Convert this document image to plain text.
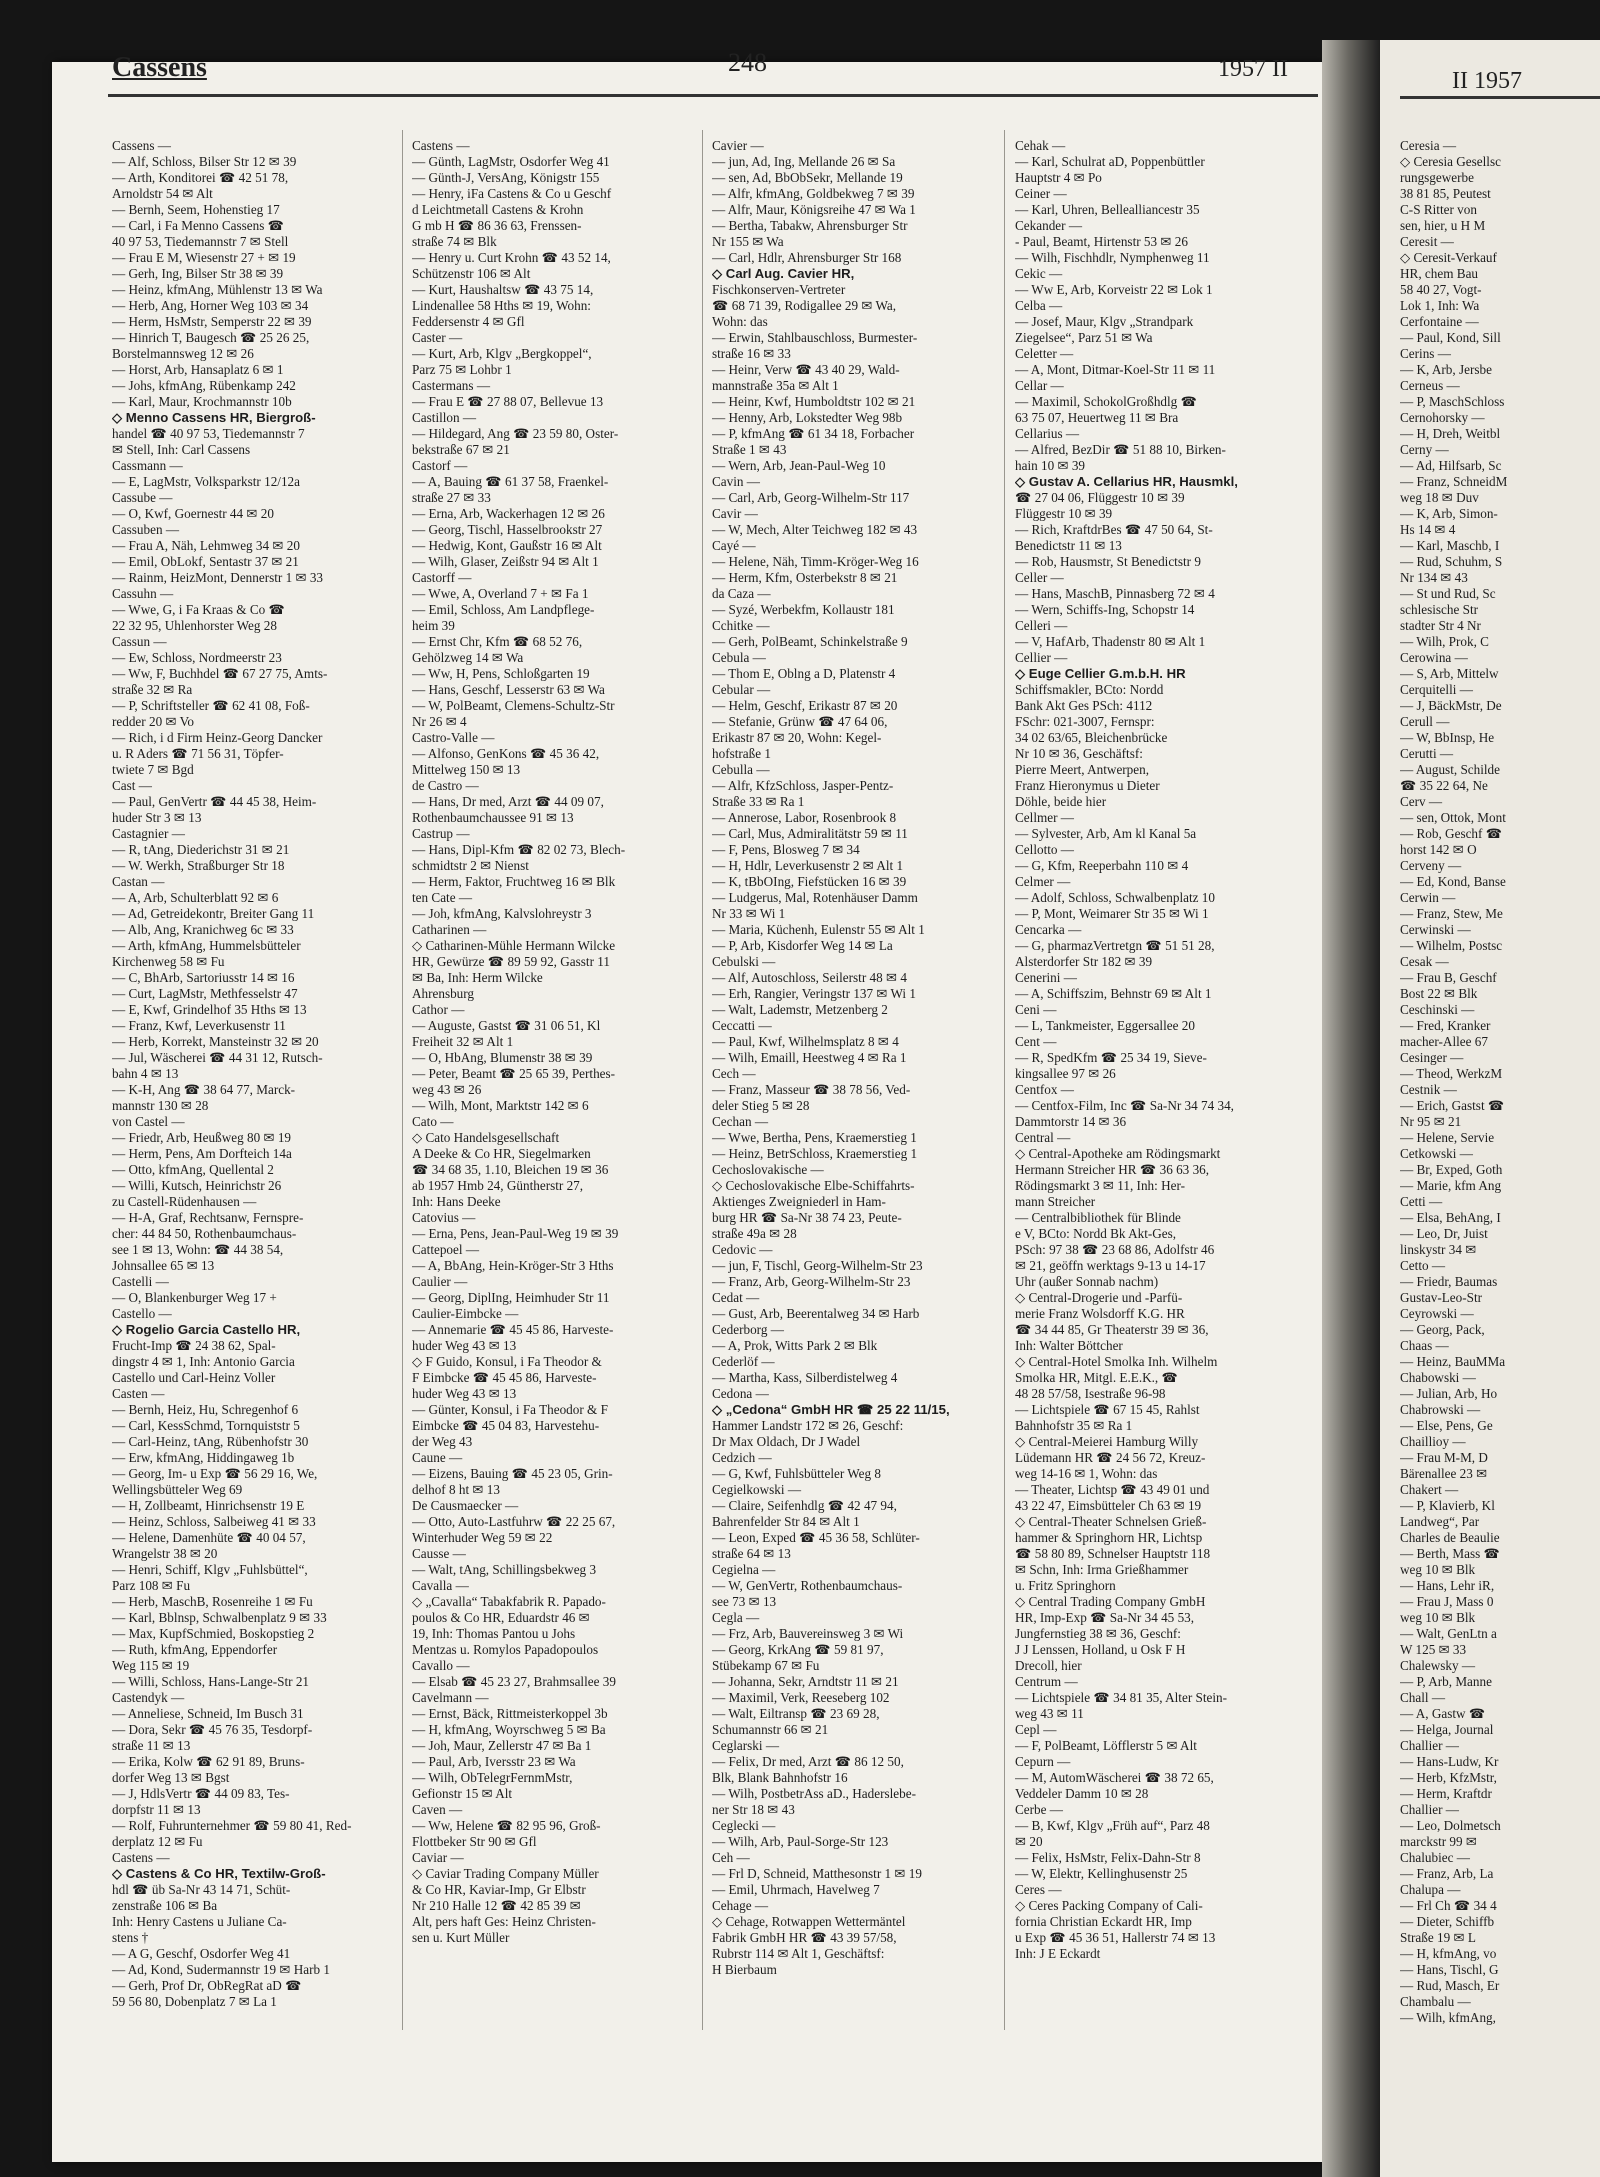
Cassens	248	1957 II	II 1957
Cassens —
— Alf, Schloss, Bilser Str 12 ✉ 39
— Arth, Konditorei ☎ 42 51 78,
Arnoldstr 54 ✉ Alt
— Bernh, Seem, Hohenstieg 17
— Carl, i Fa Menno Cassens ☎
40 97 53, Tiedemannstr 7 ✉ Stell
— Frau E M, Wiesenstr 27 + ✉ 19
— Gerh, Ing, Bilser Str 38 ✉ 39
— Heinz, kfmAng, Mühlenstr 13 ✉ Wa
— Herb, Ang, Horner Weg 103 ✉ 34
— Herm, HsMstr, Semperstr 22 ✉ 39
— Hinrich T, Baugesch ☎ 25 26 25,
Borstelmannsweg 12 ✉ 26
— Horst, Arb, Hansaplatz 6 ✉ 1
— Johs, kfmAng, Rübenkamp 242
— Karl, Maur, Krochmannstr 10b
◇ Menno Cassens HR, Biergroß-
handel ☎ 40 97 53, Tiedemannstr 7
✉ Stell, Inh: Carl Cassens
Cassmann —
— E, LagMstr, Volksparkstr 12/12a
Cassube —
— O, Kwf, Goernestr 44 ✉ 20
Cassuben —
— Frau A, Näh, Lehmweg 34 ✉ 20
— Emil, ObLokf, Sentastr 37 ✉ 21
— Rainm, HeizMont, Dennerstr 1 ✉ 33
Cassuhn —
— Wwe, G, i Fa Kraas & Co ☎
22 32 95, Uhlenhorster Weg 28
Cassun —
— Ew, Schloss, Nordmeerstr 23
— Ww, F, Buchhdel ☎ 67 27 75, Amts-
straße 32 ✉ Ra
— P, Schriftsteller ☎ 62 41 08, Foß-
redder 20 ✉ Vo
— Rich, i d Firm Heinz-Georg Dancker
u. R Aders ☎ 71 56 31, Töpfer-
twiete 7 ✉ Bgd
Cast —
— Paul, GenVertr ☎ 44 45 38, Heim-
huder Str 3 ✉ 13
Castagnier —
— R, tAng, Diederichstr 31 ✉ 21
— W. Werkh, Straßburger Str 18
Castan —
— A, Arb, Schulterblatt 92 ✉ 6
— Ad, Getreidekontr, Breiter Gang 11
— Alb, Ang, Kranichweg 6c ✉ 33
— Arth, kfmAng, Hummelsbütteler
Kirchenweg 58 ✉ Fu
— C, BhArb, Sartoriusstr 14 ✉ 16
— Curt, LagMstr, Methfesselstr 47
— E, Kwf, Grindelhof 35 Hths ✉ 13
— Franz, Kwf, Leverkusenstr 11
— Herb, Korrekt, Mansteinstr 32 ✉ 20
— Jul, Wäscherei ☎ 44 31 12, Rutsch-
bahn 4 ✉ 13
— K-H, Ang ☎ 38 64 77, Marck-
mannstr 130 ✉ 28
von Castel —
— Friedr, Arb, Heußweg 80 ✉ 19
— Herm, Pens, Am Dorfteich 14a
— Otto, kfmAng, Quellental 2
— Willi, Kutsch, Heinrichstr 26
zu Castell-Rüdenhausen —
— H-A, Graf, Rechtsanw, Fernspre-
cher: 44 84 50, Rothenbaumchaus-
see 1 ✉ 13, Wohn: ☎ 44 38 54,
Johnsallee 65 ✉ 13
Castelli —
— O, Blankenburger Weg 17 +
Castello —
◇ Rogelio Garcia Castello HR,
Frucht-Imp ☎ 24 38 62, Spal-
dingstr 4 ✉ 1, Inh: Antonio Garcia
Castello und Carl-Heinz Voller
Casten —
— Bernh, Heiz, Hu, Schregenhof 6
— Carl, KessSchmd, Tornquiststr 5
— Carl-Heinz, tAng, Rübenhofstr 30
— Erw, kfmAng, Hiddingaweg 1b
— Georg, Im- u Exp ☎ 56 29 16, We,
Wellingsbütteler Weg 69
— H, Zollbeamt, Hinrichsenstr 19 E
— Heinz, Schloss, Salbeiweg 41 ✉ 33
— Helene, Damenhüte ☎ 40 04 57,
Wrangelstr 38 ✉ 20
— Henri, Schiff, Klgv „Fuhlsbüttel“,
Parz 108 ✉ Fu
— Herb, MaschB, Rosenreihe 1 ✉ Fu
— Karl, Bblnsp, Schwalbenplatz 9 ✉ 33
— Max, KupfSchmied, Boskopstieg 2
— Ruth, kfmAng, Eppendorfer
Weg 115 ✉ 19
— Willi, Schloss, Hans-Lange-Str 21
Castendyk —
— Anneliese, Schneid, Im Busch 31
— Dora, Sekr ☎ 45 76 35, Tesdorpf-
straße 11 ✉ 13
— Erika, Kolw ☎ 62 91 89, Bruns-
dorfer Weg 13 ✉ Bgst
— J, HdlsVertr ☎ 44 09 83, Tes-
dorpfstr 11 ✉ 13
— Rolf, Fuhrunternehmer ☎ 59 80 41, Red-
derplatz 12 ✉ Fu
Castens —
◇ Castens & Co HR, Textilw-Groß-
hdl ☎ üb Sa-Nr 43 14 71, Schüt-
zenstraße 106 ✉ Ba
Inh: Henry Castens u Juliane Ca-
stens †
— A G, Geschf, Osdorfer Weg 41
— Ad, Kond, Sudermannstr 19 ✉ Harb 1
— Gerh, Prof Dr, ObRegRat aD ☎
59 56 80, Dobenplatz 7 ✉ La 1
Castens —
— Günth, LagMstr, Osdorfer Weg 41
— Günth-J, VersAng, Königstr 155
— Henry, iFa Castens & Co u Geschf
d Leichtmetall Castens & Krohn
G mb H ☎ 86 36 63, Frenssen-
straße 74 ✉ Blk
— Henry u. Curt Krohn ☎ 43 52 14,
Schützenstr 106 ✉ Alt
— Kurt, Haushaltsw ☎ 43 75 14,
Lindenallee 58 Hths ✉ 19, Wohn:
Feddersenstr 4 ✉ Gfl
Caster —
— Kurt, Arb, Klgv „Bergkoppel“,
Parz 75 ✉ Lohbr 1
Castermans —
— Frau E ☎ 27 88 07, Bellevue 13
Castillon —
— Hildegard, Ang ☎ 23 59 80, Oster-
bekstraße 67 ✉ 21
Castorf —
— A, Bauing ☎ 61 37 58, Fraenkel-
straße 27 ✉ 33
— Erna, Arb, Wackerhagen 12 ✉ 26
— Georg, Tischl, Hasselbrookstr 27
— Hedwig, Kont, Gaußstr 16 ✉ Alt
— Wilh, Glaser, Zeißstr 94 ✉ Alt 1
Castorff —
— Wwe, A, Overland 7 + ✉ Fa 1
— Emil, Schloss, Am Landpflege-
heim 39
— Ernst Chr, Kfm ☎ 68 52 76,
Gehölzweg 14 ✉ Wa
— Ww, H, Pens, Schloßgarten 19
— Hans, Geschf, Lesserstr 63 ✉ Wa
— W, PolBeamt, Clemens-Schultz-Str
Nr 26 ✉ 4
Castro-Valle —
— Alfonso, GenKons ☎ 45 36 42,
Mittelweg 150 ✉ 13
de Castro —
— Hans, Dr med, Arzt ☎ 44 09 07,
Rothenbaumchaussee 91 ✉ 13
Castrup —
— Hans, Dipl-Kfm ☎ 82 02 73, Blech-
schmidtstr 2 ✉ Nienst
— Herm, Faktor, Fruchtweg 16 ✉ Blk
ten Cate —
— Joh, kfmAng, Kalvslohreystr 3
Catharinen —
◇ Catharinen-Mühle Hermann Wilcke
HR, Gewürze ☎ 89 59 92, Gasstr 11
✉ Ba, Inh: Herm Wilcke
Ahrensburg
Cathor —
— Auguste, Gastst ☎ 31 06 51, Kl
Freiheit 32 ✉ Alt 1
— O, HbAng, Blumenstr 38 ✉ 39
— Peter, Beamt ☎ 25 65 39, Perthes-
weg 43 ✉ 26
— Wilh, Mont, Marktstr 142 ✉ 6
Cato —
◇ Cato Handelsgesellschaft
A Deeke & Co HR, Siegelmarken
☎ 34 68 35, 1.10, Bleichen 19 ✉ 36
ab 1957 Hmb 24, Güntherstr 27,
Inh: Hans Deeke
Catovius —
— Erna, Pens, Jean-Paul-Weg 19 ✉ 39
Cattepoel —
— A, BbAng, Hein-Kröger-Str 3 Hths
Caulier —
— Georg, DiplIng, Heimhuder Str 11
Caulier-Eimbcke —
— Annemarie ☎ 45 45 86, Harveste-
huder Weg 43 ✉ 13
◇ F Guido, Konsul, i Fa Theodor &
F Eimbcke ☎ 45 45 86, Harveste-
huder Weg 43 ✉ 13
— Günter, Konsul, i Fa Theodor & F
Eimbcke ☎ 45 04 83, Harvestehu-
der Weg 43
Caune —
— Eizens, Bauing ☎ 45 23 05, Grin-
delhof 8 ht ✉ 13
De Causmaecker —
— Otto, Auto-Lastfuhrw ☎ 22 25 67,
Winterhuder Weg 59 ✉ 22
Causse —
— Walt, tAng, Schillingsbekweg 3
Cavalla —
◇ „Cavalla“ Tabakfabrik R. Papado-
poulos & Co HR, Eduardstr 46 ✉
19, Inh: Thomas Pantou u Johs
Mentzas u. Romylos Papadopoulos
Cavallo —
— Elsab ☎ 45 23 27, Brahmsallee 39
Cavelmann —
— Ernst, Bäck, Rittmeisterkoppel 3b
— H, kfmAng, Woyrschweg 5 ✉ Ba
— Joh, Maur, Zellerstr 47 ✉ Ba 1
— Paul, Arb, Iversstr 23 ✉ Wa
— Wilh, ObTelegrFernmMstr,
Gefionstr 15 ✉ Alt
Caven —
— Ww, Helene ☎ 82 95 96, Groß-
Flottbeker Str 90 ✉ Gfl
Caviar —
◇ Caviar Trading Company Müller
& Co HR, Kaviar-Imp, Gr Elbstr
Nr 210 Halle 12 ☎ 42 85 39 ✉
Alt, pers haft Ges: Heinz Christen-
sen u. Kurt Müller
Cavier —
— jun, Ad, Ing, Mellande 26 ✉ Sa
— sen, Ad, BbObSekr, Mellande 19
— Alfr, kfmAng, Goldbekweg 7 ✉ 39
— Alfr, Maur, Königsreihe 47 ✉ Wa 1
— Bertha, Tabakw, Ahrensburger Str
Nr 155 ✉ Wa
— Carl, Hdlr, Ahrensburger Str 168
◇ Carl Aug. Cavier HR,
Fischkonserven-Vertreter
☎ 68 71 39, Rodigallee 29 ✉ Wa,
Wohn: das
— Erwin, Stahlbauschloss, Burmester-
straße 16 ✉ 33
— Heinr, Verw ☎ 43 40 29, Wald-
mannstraße 35a ✉ Alt 1
— Heinr, Kwf, Humboldtstr 102 ✉ 21
— Henny, Arb, Lokstedter Weg 98b
— P, kfmAng ☎ 61 34 18, Forbacher
Straße 1 ✉ 43
— Wern, Arb, Jean-Paul-Weg 10
Cavin —
— Carl, Arb, Georg-Wilhelm-Str 117
Cavir —
— W, Mech, Alter Teichweg 182 ✉ 43
Cayé —
— Helene, Näh, Timm-Kröger-Weg 16
— Herm, Kfm, Osterbekstr 8 ✉ 21
da Caza —
— Syzé, Werbekfm, Kollaustr 181
Cchitke —
— Gerh, PolBeamt, Schinkelstraße 9
Cebula —
— Thom E, Oblng a D, Platenstr 4
Cebular —
— Helm, Geschf, Erikastr 87 ✉ 20
— Stefanie, Grünw ☎ 47 64 06,
Erikastr 87 ✉ 20, Wohn: Kegel-
hofstraße 1
Cebulla —
— Alfr, KfzSchloss, Jasper-Pentz-
Straße 33 ✉ Ra 1
— Annerose, Labor, Rosenbrook 8
— Carl, Mus, Admiralitätstr 59 ✉ 11
— F, Pens, Blosweg 7 ✉ 34
— H, Hdlr, Leverkusenstr 2 ✉ Alt 1
— K, tBbOIng, Fiefstücken 16 ✉ 39
— Ludgerus, Mal, Rotenhäuser Damm
Nr 33 ✉ Wi 1
— Maria, Küchenh, Eulenstr 55 ✉ Alt 1
— P, Arb, Kisdorfer Weg 14 ✉ La
Cebulski —
— Alf, Autoschloss, Seilerstr 48 ✉ 4
— Erh, Rangier, Veringstr 137 ✉ Wi 1
— Walt, Lademstr, Metzenberg 2
Ceccatti —
— Paul, Kwf, Wilhelmsplatz 8 ✉ 4
— Wilh, Emaill, Heestweg 4 ✉ Ra 1
Cech —
— Franz, Masseur ☎ 38 78 56, Ved-
deler Stieg 5 ✉ 28
Cechan —
— Wwe, Bertha, Pens, Kraemerstieg 1
— Heinz, BetrSchloss, Kraemerstieg 1
Cechoslovakische —
◇ Cechoslovakische Elbe-Schiffahrts-
Aktienges Zweigniederl in Ham-
burg HR ☎ Sa-Nr 38 74 23, Peute-
straße 49a ✉ 28
Cedovic —
— jun, F, Tischl, Georg-Wilhelm-Str 23
— Franz, Arb, Georg-Wilhelm-Str 23
Cedat —
— Gust, Arb, Beerentalweg 34 ✉ Harb
Cederborg —
— A, Prok, Witts Park 2 ✉ Blk
Cederlöf —
— Martha, Kass, Silberdistelweg 4
Cedona —
◇ „Cedona“ GmbH HR ☎ 25 22 11/15,
Hammer Landstr 172 ✉ 26, Geschf:
Dr Max Oldach, Dr J Wadel
Cedzich —
— G, Kwf, Fuhlsbütteler Weg 8
Cegielkowski —
— Claire, Seifenhdlg ☎ 42 47 94,
Bahrenfelder Str 84 ✉ Alt 1
— Leon, Exped ☎ 45 36 58, Schlüter-
straße 64 ✉ 13
Cegielna —
— W, GenVertr, Rothenbaumchaus-
see 73 ✉ 13
Cegla —
— Frz, Arb, Bauvereinsweg 3 ✉ Wi
— Georg, KrkAng ☎ 59 81 97,
Stübekamp 67 ✉ Fu
— Johanna, Sekr, Arndtstr 11 ✉ 21
— Maximil, Verk, Reeseberg 102
— Walt, Eiltransp ☎ 23 69 28,
Schumannstr 66 ✉ 21
Ceglarski —
— Felix, Dr med, Arzt ☎ 86 12 50,
Blk, Blank Bahnhofstr 16
— Wilh, PostbetrAss aD., Haderslebe-
ner Str 18 ✉ 43
Ceglecki —
— Wilh, Arb, Paul-Sorge-Str 123
Ceh —
— Frl D, Schneid, Matthesonstr 1 ✉ 19
— Emil, Uhrmach, Havelweg 7
Cehage —
◇ Cehage, Rotwappen Wettermäntel
Fabrik GmbH HR ☎ 43 39 57/58,
Rubrstr 114 ✉ Alt 1, Geschäftsf:
H Bierbaum
Cehak —
— Karl, Schulrat aD, Poppenbüttler
Hauptstr 4 ✉ Po
Ceiner —
— Karl, Uhren, Bellealliancestr 35
Cekander —
- Paul, Beamt, Hirtenstr 53 ✉ 26
— Wilh, Fischhdlr, Nymphenweg 11
Cekic —
— Ww E, Arb, Korveistr 22 ✉ Lok 1
Celba —
— Josef, Maur, Klgv „Strandpark
Ziegelsee“, Parz 51 ✉ Wa
Celetter —
— A, Mont, Ditmar-Koel-Str 11 ✉ 11
Cellar —
— Maximil, SchokolGroßhdlg ☎
63 75 07, Heuertweg 11 ✉ Bra
Cellarius —
— Alfred, BezDir ☎ 51 88 10, Birken-
hain 10 ✉ 39
◇ Gustav A. Cellarius HR, Hausmkl,
☎ 27 04 06, Flüggestr 10 ✉ 39
Flüggestr 10 ✉ 39
— Rich, KraftdrBes ☎ 47 50 64, St-
Benedictstr 11 ✉ 13
— Rob, Hausmstr, St Benedictstr 9
Celler —
— Hans, MaschB, Pinnasberg 72 ✉ 4
— Wern, Schiffs-Ing, Schopstr 14
Celleri —
— V, HafArb, Thadenstr 80 ✉ Alt 1
Cellier —
◇ Euge Cellier G.m.b.H. HR
Schiffsmakler, BCto: Nordd
Bank Akt Ges PSch: 4112
FSchr: 021-3007, Fernspr:
34 02 63/65, Bleichenbrücke
Nr 10 ✉ 36, Geschäftsf:
Pierre Meert, Antwerpen,
Franz Hieronymus u Dieter
Döhle, beide hier
Cellmer —
— Sylvester, Arb, Am kl Kanal 5a
Cellotto —
— G, Kfm, Reeperbahn 110 ✉ 4
Celmer —
— Adolf, Schloss, Schwalbenplatz 10
— P, Mont, Weimarer Str 35 ✉ Wi 1
Cencarka —
— G, pharmazVertretgn ☎ 51 51 28,
Alsterdorfer Str 182 ✉ 39
Cenerini —
— A, Schiffszim, Behnstr 69 ✉ Alt 1
Ceni —
— L, Tankmeister, Eggersallee 20
Cent —
— R, SpedKfm ☎ 25 34 19, Sieve-
kingsallee 97 ✉ 26
Centfox —
— Centfox-Film, Inc ☎ Sa-Nr 34 74 34,
Dammtorstr 14 ✉ 36
Central —
◇ Central-Apotheke am Rödingsmarkt
Hermann Streicher HR ☎ 36 63 36,
Rödingsmarkt 3 ✉ 11, Inh: Her-
mann Streicher
— Centralbibliothek für Blinde
e V, BCto: Nordd Bk Akt-Ges,
PSch: 97 38 ☎ 23 68 86, Adolfstr 46
✉ 21, geöffn werktags 9-13 u 14-17
Uhr (außer Sonnab nachm)
◇ Central-Drogerie und -Parfü-
merie Franz Wolsdorff K.G. HR
☎ 34 44 85, Gr Theaterstr 39 ✉ 36,
Inh: Walter Böttcher
◇ Central-Hotel Smolka Inh. Wilhelm
Smolka HR, Mitgl. E.E.K., ☎
48 28 57/58, Isestraße 96-98
— Lichtspiele ☎ 67 15 45, Rahlst
Bahnhofstr 35 ✉ Ra 1
◇ Central-Meierei Hamburg Willy
Lüdemann HR ☎ 24 56 72, Kreuz-
weg 14-16 ✉ 1, Wohn: das
— Theater, Lichtsp ☎ 43 49 01 und
43 22 47, Eimsbütteler Ch 63 ✉ 19
◇ Central-Theater Schnelsen Grieß-
hammer & Springhorn HR, Lichtsp
☎ 58 80 89, Schnelser Hauptstr 118
✉ Schn, Inh: Irma Grießhammer
u. Fritz Springhorn
◇ Central Trading Company GmbH
HR, Imp-Exp ☎ Sa-Nr 34 45 53,
Jungfernstieg 38 ✉ 36, Geschf:
J J Lenssen, Holland, u Osk F H
Drecoll, hier
Centrum —
— Lichtspiele ☎ 34 81 35, Alter Stein-
weg 43 ✉ 11
Cepl —
— F, PolBeamt, Löfflerstr 5 ✉ Alt
Cepurn —
— M, AutomWäscherei ☎ 38 72 65,
Veddeler Damm 10 ✉ 28
Cerbe —
— B, Kwf, Klgv „Früh auf“, Parz 48
✉ 20
— Felix, HsMstr, Felix-Dahn-Str 8
— W, Elektr, Kellinghusenstr 25
Ceres —
◇ Ceres Packing Company of Cali-
fornia Christian Eckardt HR, Imp
u Exp ☎ 45 36 51, Hallerstr 74 ✉ 13
Inh: J E Eckardt
Ceresia —
◇ Ceresia Gesellsc
rungsgewerbe
38 81 85, Peutest
C-S Ritter von
sen, hier, u H M
Ceresit —
◇ Ceresit-Verkauf
HR, chem Bau
58 40 27, Vogt-
Lok 1, Inh: Wa
Cerfontaine —
— Paul, Kond, Sill
Cerins —
— K, Arb, Jersbe
Cerneus —
— P, MaschSchloss
Cernohorsky —
— H, Dreh, Weitbl
Cerny —
— Ad, Hilfsarb, Sc
— Franz, SchneidM
weg 18 ✉ Duv
— K, Arb, Simon-
Hs 14 ✉ 4
— Karl, Maschb, I
— Rud, Schuhm, S
Nr 134 ✉ 43
— St und Rud, Sc
schlesische Str
stadter Str 4 Nr
— Wilh, Prok, C
Cerowina —
— S, Arb, Mittelw
Cerquitelli —
— J, BäckMstr, De
Cerull —
— W, BbInsp, He
Cerutti —
— August, Schilde
☎ 35 22 64, Ne
Cerv —
— sen, Ottok, Mont
— Rob, Geschf ☎
horst 142 ✉ O
Cerveny —
— Ed, Kond, Banse
Cerwin —
— Franz, Stew, Me
Cerwinski —
— Wilhelm, Postsc
Cesak —
— Frau B, Geschf
Bost 22 ✉ Blk
Ceschinski —
— Fred, Kranker
macher-Allee 67
Cesinger —
— Theod, WerkzM
Cestnik —
— Erich, Gastst ☎
Nr 95 ✉ 21
— Helene, Servie
Cetkowski —
— Br, Exped, Goth
— Marie, kfm Ang
Cetti —
— Elsa, BehAng, I
— Leo, Dr, Juist
linskystr 34 ✉
Cetto —
— Friedr, Baumas
Gustav-Leo-Str
Ceyrowski —
— Georg, Pack,
Chaas —
— Heinz, BauMMa
Chabowski —
— Julian, Arb, Ho
Chabrowski —
— Else, Pens, Ge
Chaillioy —
— Frau M-M, D
Bärenallee 23 ✉
Chakert —
— P, Klavierb, Kl
Landweg“, Par
Charles de Beaulie
— Berth, Mass ☎
weg 10 ✉ Blk
— Hans, Lehr iR,
— Frau J, Mass 0
weg 10 ✉ Blk
— Walt, GenLtn a
W 125 ✉ 33
Chalewsky —
— P, Arb, Manne
Chall —
— A, Gastw ☎
— Helga, Journal
Challier —
— Hans-Ludw, Kr
— Herb, KfzMstr,
— Herm, Kraftdr
Challier —
— Leo, Dolmetsch
marckstr 99 ✉
Chalubiec —
— Franz, Arb, La
Chalupa —
— Frl Ch ☎ 34 4
— Dieter, Schiffb
Straße 19 ✉ L
— H, kfmAng, vo
— Hans, Tischl, G
— Rud, Masch, Er
Chambalu —
— Wilh, kfmAng,
